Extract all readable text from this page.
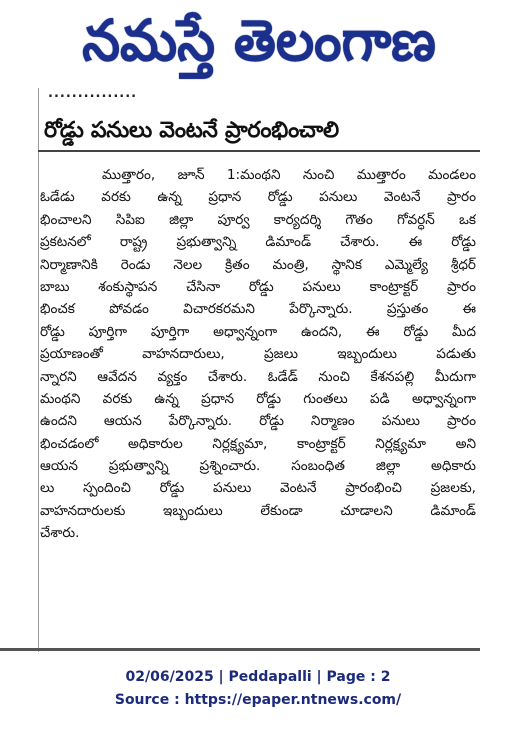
నమస్తే తెలంగాణ
...............
రోడ్డు పనులు వెంటనే ప్రారంభించాలి
ముత్తారం, జూన్ 1:మంథని నుంచి ముత్తారం మండలం
ఓడేడు వరకు ఉన్న ప్రధాన రోడ్డు పనులు వెంటనే ప్రారం
భించాలని సిపిఐ జిల్లా పూర్వ కార్యదర్శి గౌతం గోవర్ధన్ ఒక
ప్రకటనలో రాష్ట్ర ప్రభుత్వాన్ని డిమాండ్ చేశారు. ఈ రోడ్డు
నిర్మాణానికి రెండు నెలల క్రితం మంత్రి, స్థానిక ఎమ్మెల్యే శ్రీధర్
బాబు శంకుస్థాపన చేసినా రోడ్డు పనులు కాంట్రాక్టర్ ప్రారం
భించక పోవడం విచారకరమని పేర్కొన్నారు. ప్రస్తుతం ఈ
రోడ్డు పూర్తిగా పూర్తిగా అధ్వాన్నంగా ఉందని, ఈ రోడ్డు మీద
ప్రయాణంతో వాహనదారులు, ప్రజలు ఇబ్బందులు పడుతు
న్నారని ఆవేదన వ్యక్తం చేశారు. ఓడేడ్ నుంచి కేశనపల్లి మీదుగా
మంథని వరకు ఉన్న ప్రధాన రోడ్డు గుంతలు పడి అధ్వాన్నంగా
ఉందని ఆయన పేర్కొన్నారు. రోడ్డు నిర్మాణం పనులు ప్రారం
భించడంలో అధికారుల నిర్లక్ష్యమా, కాంట్రాక్టర్ నిర్లక్ష్యమా అని
ఆయన ప్రభుత్వాన్ని ప్రశ్నించారు. సంబంధిత జిల్లా అధికారు
లు స్పందించి రోడ్డు పనులు వెంటనే ప్రారంభించి ప్రజలకు,
వాహనదారులకు ఇబ్బందులు లేకుండా చూడాలని డిమాండ్
చేశారు.
02/06/2025 | Peddapalli | Page : 2
Source : https://epaper.ntnews.com/
